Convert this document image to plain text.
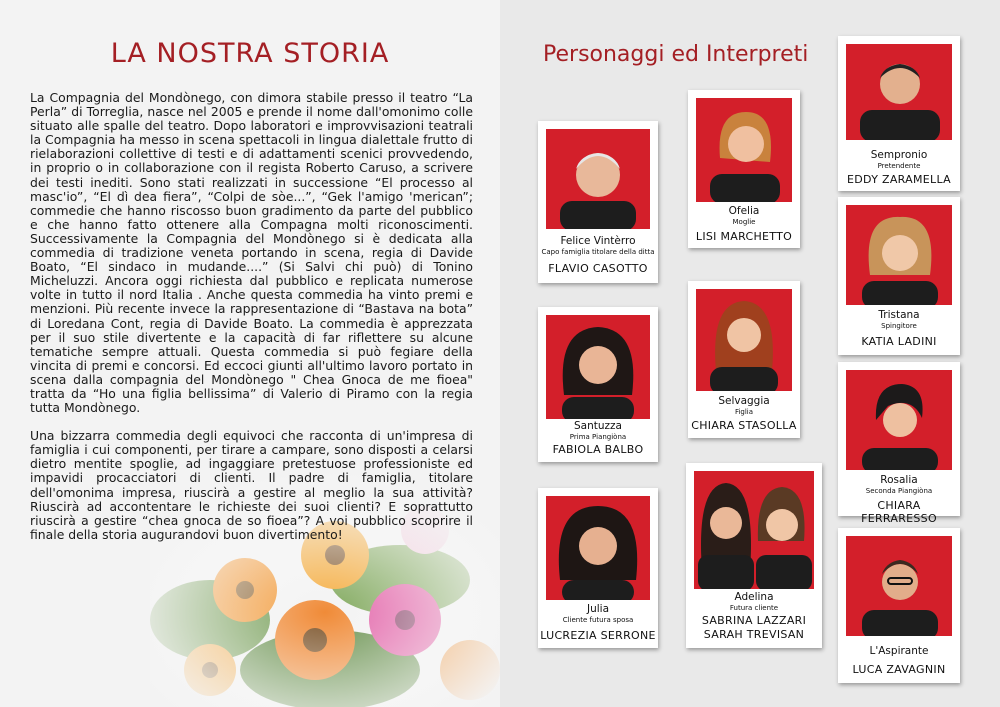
LA NOSTRA STORIA

La Compagnia del Mondònego, con dimora stabile presso il teatro “La Perla” di Torreglia, nasce nel 2005 e prende il nome dall'omonimo colle situato alle spalle del teatro. Dopo laboratori e improvvisazioni teatrali la Compagnia ha messo in scena spettacoli in lingua dialettale frutto di rielaborazioni collettive di testi e di adattamenti scenici provvedendo, in proprio o in collaborazione con il regista Roberto Caruso, a scrivere dei testi inediti. Sono stati realizzati in successione “El processo al masc'io”, “El dì dea fiera”, “Colpi de sòe...”, “Gek l'amigo 'merican”; commedie che hanno riscosso buon gradimento da parte del pubblico e che hanno fatto ottenere alla Compagna molti riconoscimenti. Successivamente la Compagnia del Mondònego si è dedicata alla commedia di tradizione veneta portando in scena, regia di Davide Boato, “El sindaco in mudande....” (Si Salvi chi può) di Tonino Micheluzzi. Ancora oggi richiesta dal pubblico e replicata numerose volte in tutto il nord Italia . Anche questa commedia ha vinto premi e menzioni. Più recente invece la rappresentazione di “Bastava na bota” di Loredana Cont, regia di Davide Boato. La commedia è apprezzata per il suo stile divertente e la capacità di far riflettere su alcune tematiche sempre attuali. Questa commedia si può fegiare della vincita di premi e concorsi. Ed eccoci giunti all'ultimo lavoro portato in scena dalla compagnia del Mondònego " Chea Gnoca de me fioea" tratta da “Ho una figlia bellissima” di Valerio di Piramo con la regia tutta Mondònego.

Una bizzarra commedia degli equivoci che racconta di un'impresa di famiglia i cui componenti, per tirare a campare, sono disposti a celarsi dietro mentite spoglie, ad ingaggiare pretestuose professioniste ed impavidi procacciatori di clienti. Il padre di famiglia, titolare dell'omonima impresa, riuscirà a gestire al meglio la sua attività? Riuscirà ad accontentare le richieste dei suoi clienti? E soprattutto riuscirà a gestire “chea gnoca de so fioea”? A voi pubblico scoprire il finale della storia augurandovi buon divertimento!

Personaggi ed Interpreti
Felice Vintèrro
Capo famiglia titolare della ditta
FLAVIO CASOTTO
Ofelia
Moglie
LISI MARCHETTO
Sempronio
Pretendente
EDDY ZARAMELLA
Tristana
Spingitore
KATIA LADINI
Santuzza
Prima Piangiòna
FABIOLA BALBO
Selvaggia
Figlia
CHIARA STASOLLA
Rosalia
Seconda Piangiòna
CHIARA FERRARESSO
Julia
Cliente futura sposa
LUCREZIA SERRONE
Adelina
Futura cliente
SABRINA LAZZARI
SARAH TREVISAN
L'Aspirante
LUCA ZAVAGNIN
